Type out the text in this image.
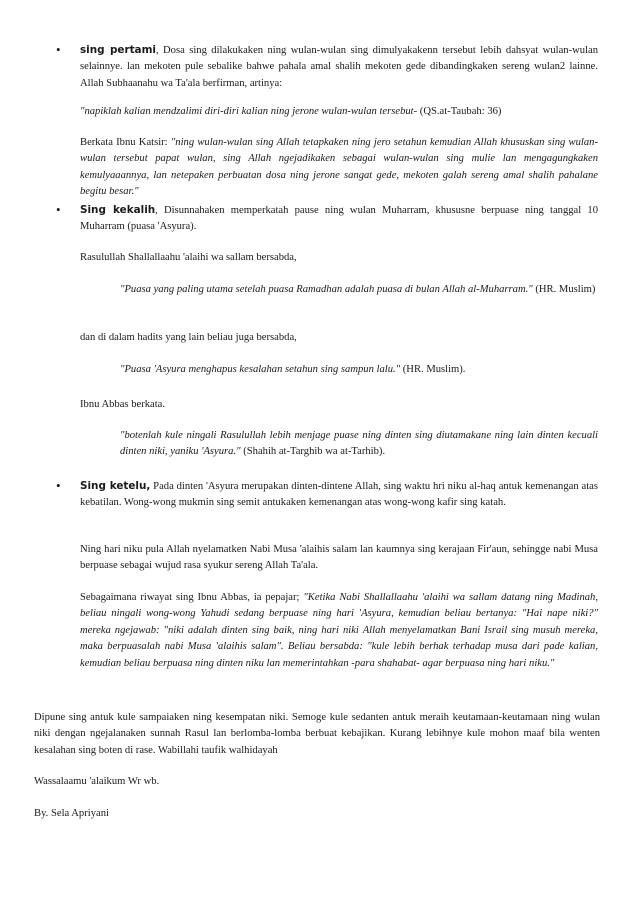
• sing pertami, Dosa sing dilakukaken ning wulan-wulan sing dimulyakakenn tersebut lebih dahsyat wulan-wulan selainnye. lan mekoten pule sebalike bahwe pahala amal shalih mekoten gede dibandingkaken sereng wulan2 lainne. Allah Subhaanahu wa Ta'ala berfirman, artinya:

"napiklah kalian mendzalimi diri-diri kalian ning jerone wulan-wulan tersebut- (QS.at-Taubah: 36)

Berkata Ibnu Katsir: "ning wulan-wulan sing Allah tetapkaken ning jero setahun kemudian Allah khususkan sing wulan-wulan tersebut papat wulan, sing Allah ngejadikaken sebagai wulan-wulan sing mulie lan mengagungkaken kemulyaaannya, lan netepaken perbuatan dosa ning jerone sangat gede, mekoten galah sereng amal shalih pahalane begitu besar."

• Sing kekalih, Disunnahaken memperkatah pause ning wulan Muharram, khususne berpuase ning tanggal 10 Muharram (puasa 'Asyura).

Rasulullah Shallallaahu 'alaihi wa sallam bersabda,

"Puasa yang paling utama setelah puasa Ramadhan adalah puasa di bulan Allah al-Muharram." (HR. Muslim)

dan di dalam hadits yang lain beliau juga bersabda,

"Puasa 'Asyura menghapus kesalahan setahun sing sampun lalu." (HR. Muslim).

Ibnu Abbas berkata.

"botenlah kule ningali Rasulullah lebih menjage puase ning dinten sing diutamakane ning lain dinten kecuali dinten niki, yaniku 'Asyura." (Shahih at-Targhib wa at-Tarhib).

• Sing ketelu, Pada dinten 'Asyura merupakan dinten-dintene Allah, sing waktu hri niku al-haq antuk kemenangan atas kebatilan. Wong-wong mukmin sing semit antukaken kemenangan atas wong-wong kafir sing katah.

Ning hari niku pula Allah nyelamatken Nabi Musa 'alaihis salam lan kaumnya sing kerajaan Fir'aun, sehingge nabi Musa berpuase sebagai wujud rasa syukur sereng Allah Ta'ala.

Sebagaimana riwayat sing Ibnu Abbas, ia pepajar; "Ketika Nabi Shallallaahu 'alaihi wa sallam datang ning Madinah, beliau ningali wong-wong Yahudi sedang berpuase ning hari 'Asyura, kemudian beliau bertanya: "Hai nape niki?" mereka ngejawab: "niki adalah dinten sing baik, ning hari niki Allah menyelamatkan Bani Israil sing musuh mereka, maka berpuasalah nabi Musa 'alaihis salam". Beliau bersabda: "kule lebih berhak terhadap musa dari pade kalian, kemudian beliau berpuasa ning dinten niku lan memerintahkan -para shahabat- agar berpuasa ning hari niku."

Dipune sing antuk kule sampaiaken ning kesempatan niki. Semoge kule sedanten antuk meraih keutamaan-keutamaan ning wulan niki dengan ngejalanaken sunnah Rasul lan berlomba-lomba berbuat kebajikan. Kurang lebihnye kule mohon maaf bila wenten kesalahan sing boten di rase. Wabillahi taufik walhidayah

Wassalaamu 'alaikum Wr wb.

By. Sela Apriyani
